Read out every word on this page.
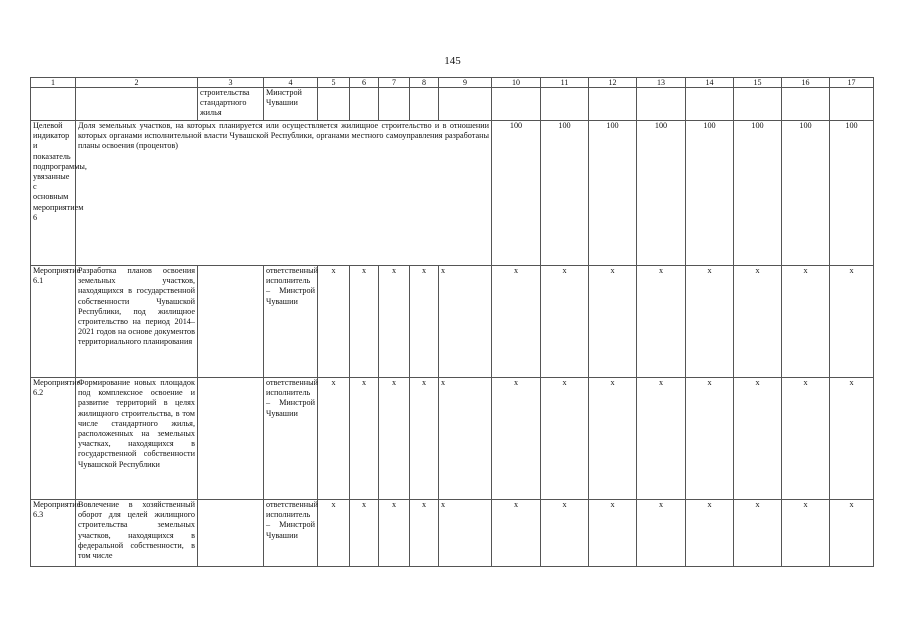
145
1	2	3	4	5	6	7	8	9	10	11	12	13	14	15	16	17
		строительства стандартного жилья	Минстрой Чувашии													
Целевой индикатор и показатель подпрограммы, увязанные с основным мероприятием 6	Доля земельных участков, на которых планируется или осуществляется жилищное строительство и в отношении которых органами исполнительной власти Чувашской Республики, органами местного самоуправления разработаны планы освоения (процентов)								100	100	100	100	100	100	100	100
Мероприятие 6.1	Разработка планов освоения земельных участков, находящихся в государственной собственности Чувашской Республики, под жилищное строительство на период 2014–2021 годов на основе документов территориального планирования		ответственный исполнитель – Минстрой Чувашии	x	x	x	x	x	x	x	x	x	x	x	x	x
Мероприятие 6.2	Формирование новых площадок под комплексное освоение и развитие территорий в целях жилищного строительства, в том числе стандартного жилья, расположенных на земельных участках, находящихся в государственной собственности Чувашской Республики		ответственный исполнитель – Минстрой Чувашии	x	x	x	x	x	x	x	x	x	x	x	x	x
Мероприятие 6.3	Вовлечение в хозяйственный оборот для целей жилищного строительства земельных участков, находящихся в федеральной собственности, в том числе		ответственный исполнитель – Минстрой Чувашии	x	x	x	x	x	x	x	x	x	x	x	x	x
